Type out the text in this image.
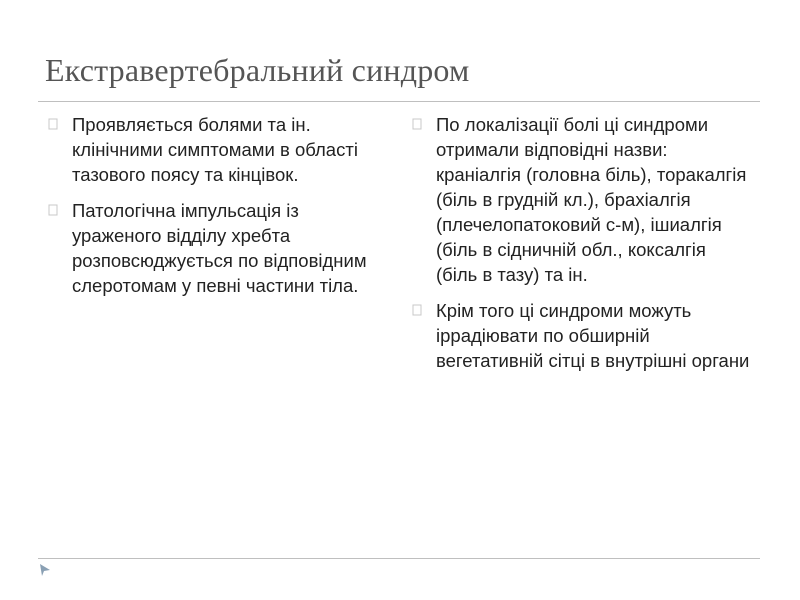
Екстравертебральний синдром
Проявляється болями та ін. клінічними симптомами в області тазового поясу та кінцівок.
Патологічна імпульсація із ураженого відділу хребта розповсюджується по відповідним слеротомам у певні частини тіла.
По локалізації болі ці синдроми отримали відповідні назви: краніалгія (головна біль), торакалгія (біль в грудній кл.), брахіалгія (плечелопатоковий с-м), ішиалгія (біль в сідничній обл., коксалгія (біль в тазу) та ін.
Крім того ці синдроми можуть іррадіювати по обширній вегетативній сітці в внутрішні органи
